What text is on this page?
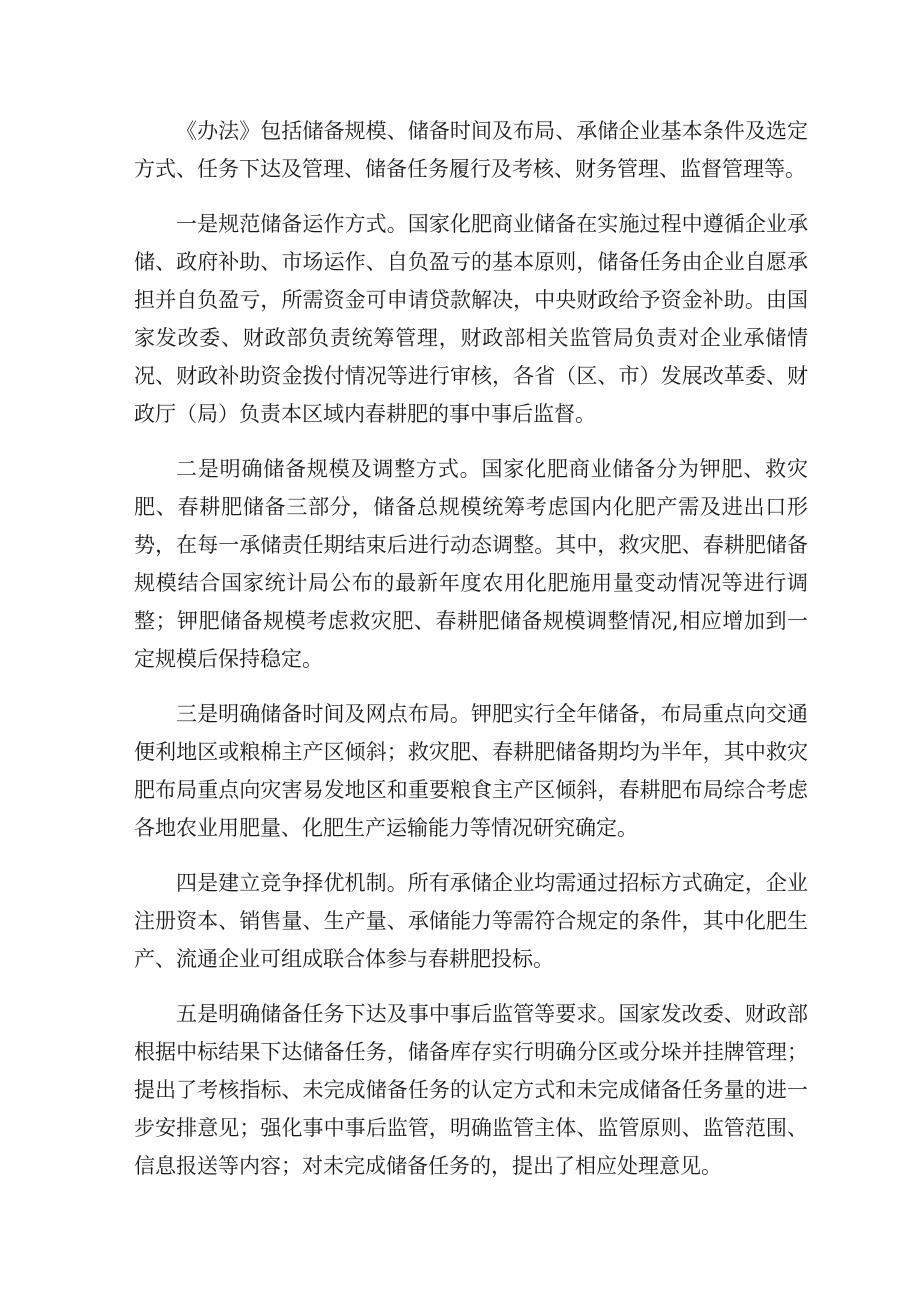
《办法》包括储备规模、储备时间及布局、承储企业基本条件及选定方式、任务下达及管理、储备任务履行及考核、财务管理、监督管理等。

一是规范储备运作方式。国家化肥商业储备在实施过程中遵循企业承储、政府补助、市场运作、自负盈亏的基本原则，储备任务由企业自愿承担并自负盈亏，所需资金可申请贷款解决，中央财政给予资金补助。由国家发改委、财政部负责统筹管理，财政部相关监管局负责对企业承储情况、财政补助资金拨付情况等进行审核，各省（区、市）发展改革委、财政厅（局）负责本区域内春耕肥的事中事后监督。

二是明确储备规模及调整方式。国家化肥商业储备分为钾肥、救灾肥、春耕肥储备三部分，储备总规模统筹考虑国内化肥产需及进出口形势，在每一承储责任期结束后进行动态调整。其中，救灾肥、春耕肥储备规模结合国家统计局公布的最新年度农用化肥施用量变动情况等进行调整；钾肥储备规模考虑救灾肥、春耕肥储备规模调整情况,相应增加到一定规模后保持稳定。

三是明确储备时间及网点布局。钾肥实行全年储备，布局重点向交通便利地区或粮棉主产区倾斜；救灾肥、春耕肥储备期均为半年，其中救灾肥布局重点向灾害易发地区和重要粮食主产区倾斜，春耕肥布局综合考虑各地农业用肥量、化肥生产运输能力等情况研究确定。

四是建立竞争择优机制。所有承储企业均需通过招标方式确定，企业注册资本、销售量、生产量、承储能力等需符合规定的条件，其中化肥生产、流通企业可组成联合体参与春耕肥投标。

五是明确储备任务下达及事中事后监管等要求。国家发改委、财政部根据中标结果下达储备任务，储备库存实行明确分区或分垛并挂牌管理；提出了考核指标、未完成储备任务的认定方式和未完成储备任务量的进一步安排意见；强化事中事后监管，明确监管主体、监管原则、监管范围、信息报送等内容；对未完成储备任务的，提出了相应处理意见。
